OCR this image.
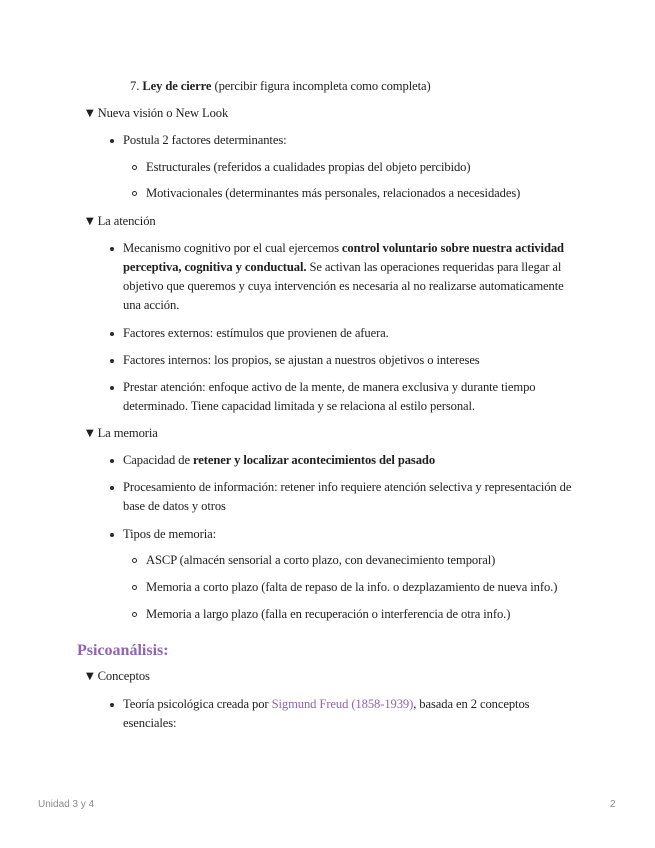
7. Ley de cierre (percibir figura incompleta como completa)
▼ Nueva visión o New Look
Postula 2 factores determinantes:
Estructurales (referidos a cualidades propias del objeto percibido)
Motivacionales (determinantes más personales, relacionados a necesidades)
▼ La atención
Mecanismo cognitivo por el cual ejercemos control voluntario sobre nuestra actividad perceptiva, cognitiva y conductual. Se activan las operaciones requeridas para llegar al objetivo que queremos y cuya intervención es necesaria al no realizarse automaticamente una acción.
Factores externos: estímulos que provienen de afuera.
Factores internos: los propios, se ajustan a nuestros objetivos o intereses
Prestar atención: enfoque activo de la mente, de manera exclusiva y durante tiempo determinado. Tiene capacidad limitada y se relaciona al estilo personal.
▼ La memoria
Capacidad de retener y localizar acontecimientos del pasado
Procesamiento de información: retener info requiere atención selectiva y representación de base de datos y otros
Tipos de memoria:
ASCP (almacén sensorial a corto plazo, con devanecimiento temporal)
Memoria a corto plazo (falta de repaso de la info. o dezplazamiento de nueva info.)
Memoria a largo plazo (falla en recuperación o interferencia de otra info.)
Psicoanálisis:
▼ Conceptos
Teoría psicológica creada por Sigmund Freud (1858-1939), basada en 2 conceptos esenciales:
Unidad 3 y 4	2
